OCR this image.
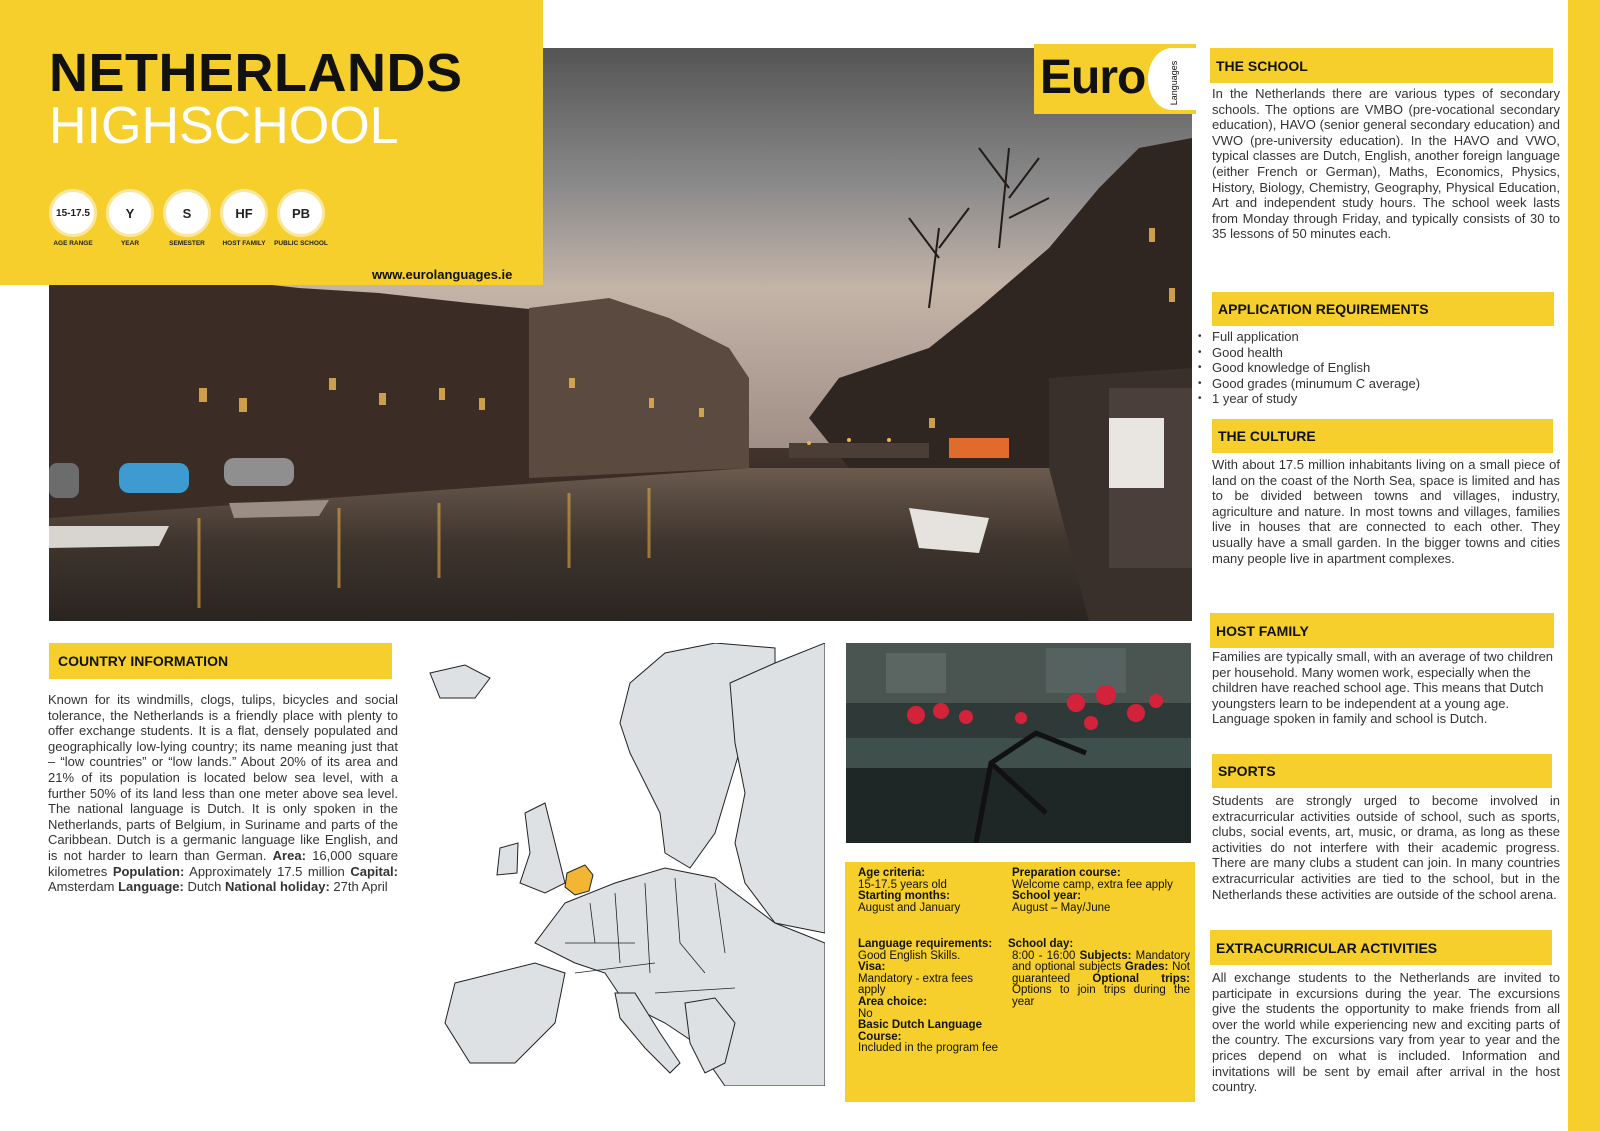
NETHERLANDS
HIGHSCHOOL
15-17.5
AGE RANGE
Y
YEAR
S
SEMESTER
HF
HOST FAMILY
PB
PUBLIC SCHOOL
www.eurolanguages.ie
Euro	Languages	THE SCHOOL
In the Netherlands there are various types of secondary schools. The options are VMBO (pre-vocational secondary education), HAVO (senior general secondary education) and VWO (pre-university education). In the HAVO and VWO, typical classes are Dutch, English, another foreign language (either French or German), Maths, Economics, Physics, History, Biology, Chemistry, Geography, Physical Education, Art and independent study hours. The school week lasts from Monday through Friday, and typically consists of 30 to 35 lessons of 50 minutes each.
APPLICATION REQUIREMENTS
• Full application
• Good health
• Good knowledge of English
• Good grades (minumum C average)
• 1 year of study
THE CULTURE
With about 17.5 million inhabitants living on a small piece of land on the coast of the North Sea, space is limited and has to be divided between towns and villages, industry, agriculture and nature. In most towns and villages, families live in houses that are connected to each other. They usually have a small garden. In the bigger towns and cities many people live in apartment complexes.
HOST FAMILY
Families are typically small, with an average of two children per household. Many women work, especially when the children have reached school age. This means that Dutch youngsters learn to be independent at a young age. Language spoken in family and school is Dutch.
SPORTS
Students are strongly urged to become involved in extracurricular activities outside of school, such as sports, clubs, social events, art, music, or drama, as long as these activities do not interfere with their academic progress. There are many clubs a student can join. In many countries extracurricular activities are tied to the school, but in the Netherlands these activities are outside of the school arena.
EXTRACURRICULAR ACTIVITIES
All exchange students to the Netherlands are invited to participate in excursions during the year. The excursions give the students the opportunity to make friends from all over the world while experiencing new and exciting parts of the country. The excursions vary from year to year and the prices depend on what is included. Information and invitations will be sent by email after arrival in the host country.
COUNTRY INFORMATION
Known for its windmills, clogs, tulips, bicycles and social tolerance, the Netherlands is a friendly place with plenty to offer exchange students. It is a flat, densely populated and geographically low-lying country; its name meaning just that – “low countries” or “low lands.” About 20% of its area and 21% of its population is located below sea level, with a further 50% of its land less than one meter above sea level. The national language is Dutch. It is only spoken in the Netherlands, parts of Belgium, in Suriname and parts of the Caribbean. Dutch is a germanic language like English, and is not harder to learn than German. Area: 16,000 square kilometres Population: Approximately 17.5 million Capital: Amsterdam Language: Dutch National holiday: 27th April
Age criteria:
15-17.5 years old
Starting months:
August and January
Preparation course:
Welcome camp, extra fee apply
School year:
August – May/June
Language requirements:
Good English Skills.
Visa:
Mandatory - extra fees apply
Area choice:
No
Basic Dutch Language Course:
Included in the program fee
School day:
8:00 - 16:00 Subjects: Mandatory and optional subjects Grades: Not guaranteed Optional trips: Options to join trips during the year
